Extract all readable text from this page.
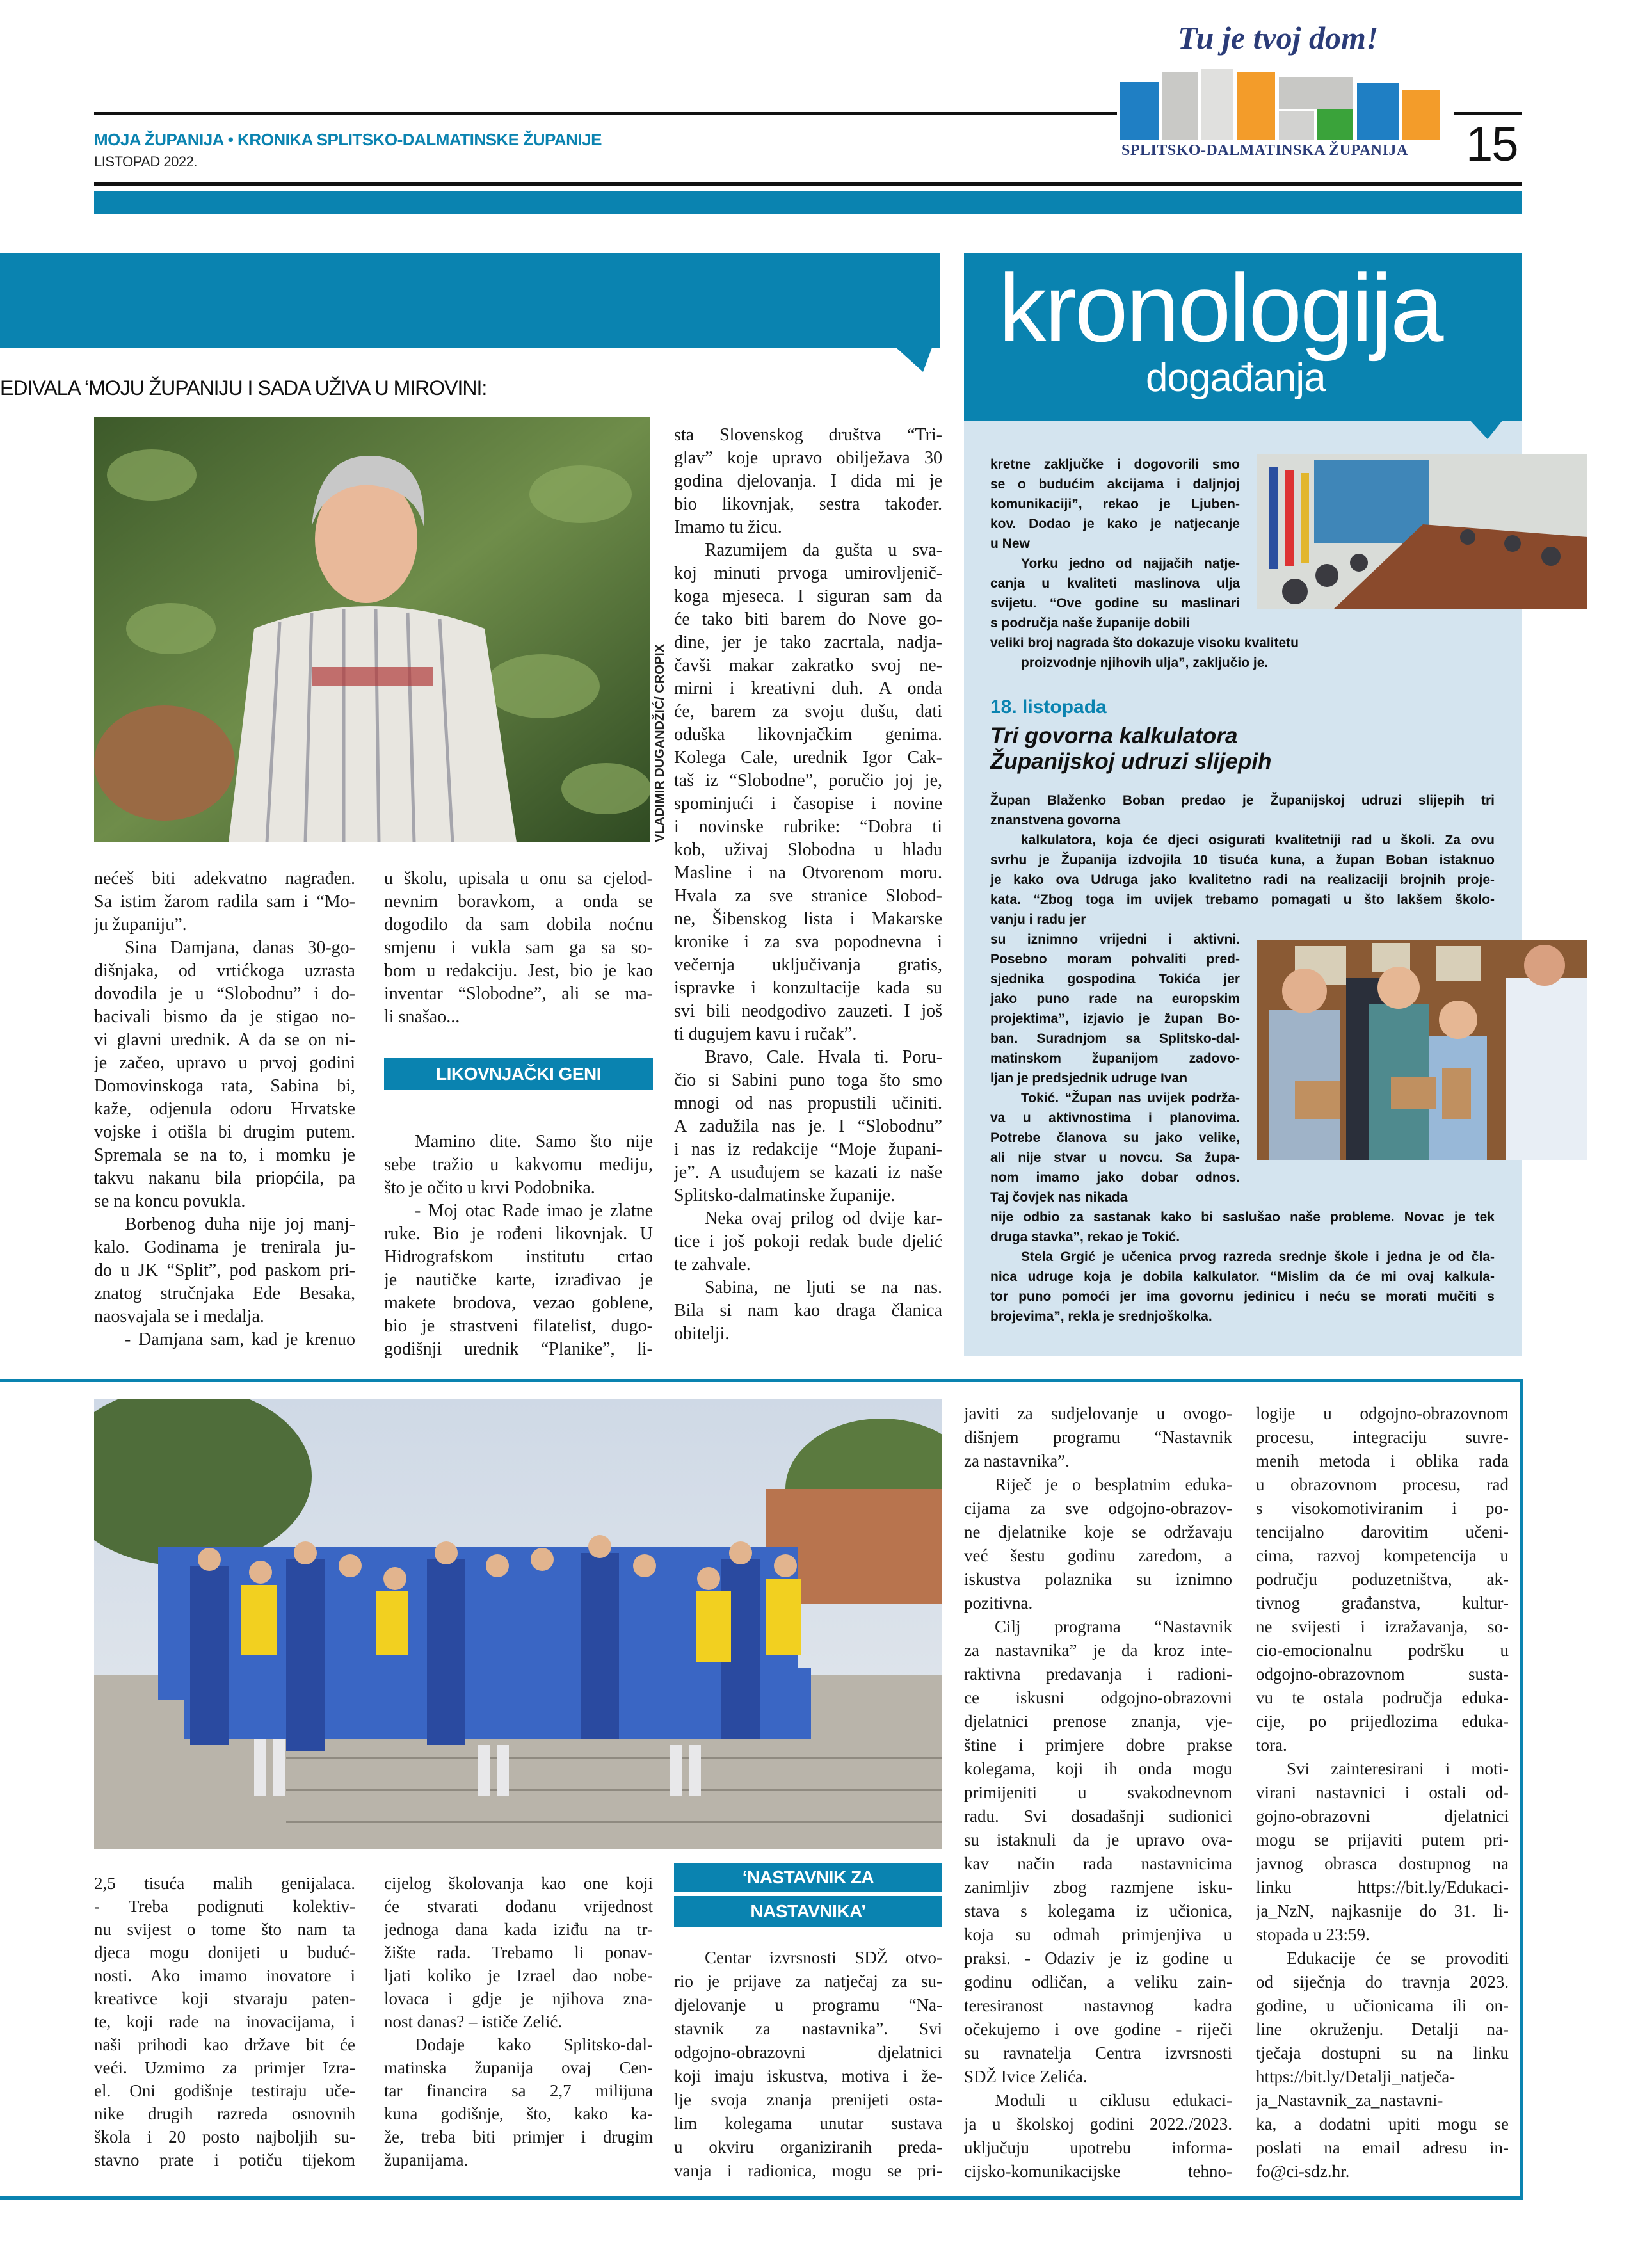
Tu je tvoj dom!
SPLITSKO-DALMATINSKA ŽUPANIJA
MOJA ŽUPANIJA • KRONIKA SPLITSKO-DALMATINSKE ŽUPANIJE
LISTOPAD 2022.	15
EDIVALA ‘MOJU ŽUPANIJU I SADA UŽIVA U MIROVINI:
VLADIMIR DUGANDŽIĆ/ CROPIX
nećeš biti adekvatno nagrađen.
Sa istim žarom radila sam i “Mo-
ju županiju”.
Sina Damjana, danas 30-go-
dišnjaka, od vrtićkoga uzrasta
dovodila je u “Slobodnu” i do-
bacivali bismo da je stigao no-
vi glavni urednik. A da se on ni-
je začeo, upravo u prvoj godini
Domovinskoga rata, Sabina bi,
kaže, odjenula odoru Hrvatske
vojske i otišla bi drugim putem.
Spremala se na to, i momku je
takvu nakanu bila priopćila, pa
se na koncu povukla.
Borbenog duha nije joj manj-
kalo. Godinama je trenirala ju-
do u JK “Split”, pod paskom pri-
znatog stručnjaka Ede Besaka,
naosvajala se i medalja.
- Damjana sam, kad je krenuo
u školu, upisala u onu sa cjelod-
nevnim boravkom, a onda se
dogodilo da sam dobila noćnu
smjenu i vukla sam ga sa so-
bom u redakciju. Jest, bio je kao
inventar “Slobodne”, ali se ma-
li snašao...
LIKOVNJAČKI GENI
Mamino dite. Samo što nije
sebe tražio u kakvomu mediju,
što je očito u krvi Podobnika.
- Moj otac Rade imao je zlatne
ruke. Bio je rođeni likovnjak. U
Hidrografskom institutu crtao
je nautičke karte, izrađivao je
makete brodova, vezao goblene,
bio je strastveni filatelist, dugo-
godišnji urednik “Planike”, li-
sta Slovenskog društva “Tri-
glav” koje upravo obilježava 30
godina djelovanja. I dida mi je
bio likovnjak, sestra također.
Imamo tu žicu.
Razumijem da gušta u sva-
koj minuti prvoga umirovljenič-
koga mjeseca. I siguran sam da
će tako biti barem do Nove go-
dine, jer je tako zacrtala, nadja-
čavši makar zakratko svoj ne-
mirni i kreativni duh. A onda
će, barem za svoju dušu, dati
oduška likovnjačkim genima.
Kolega Cale, urednik Igor Cak-
taš iz “Slobodne”, poručio joj je,
spominjući i časopise i novine
i novinske rubrike: “Dobra ti
kob, uživaj Slobodna u hladu
Masline i na Otvorenom moru.
Hvala za sve stranice Slobod-
ne, Šibenskog lista i Makarske
kronike i za sva popodnevna i
večernja uključivanja gratis,
ispravke i konzultacije kada su
svi bili neodgodivo zauzeti. I još
ti dugujem kavu i ručak”.
Bravo, Cale. Hvala ti. Poru-
čio si Sabini puno toga što smo
mnogi od nas propustili učiniti.
A zadužila nas je. I “Slobodnu”
i nas iz redakcije “Moje župani-
je”. A usuđujem se kazati iz naše
Splitsko-dalmatinske županije.
Neka ovaj prilog od dvije kar-
tice i još pokoji redak bude djelić
te zahvale.
Sabina, ne ljuti se na nas.
Bila si nam kao draga članica
obitelji.
kronologija
događanja
kretne zaključke i dogovorili smo
se o budućim akcijama i daljnjoj
komunikaciji”, rekao je Ljuben-
kov. Dodao je kako je natjecanje
u New
Yorku jedno od najjačih natje-
canja u kvaliteti maslinova ulja
svijetu. “Ove godine su maslinari
s područja naše županije dobili
veliki broj nagrada što dokazuje visoku kvalitetu
proizvodnje njihovih ulja”, zaključio je.
18. listopada
Tri govorna kalkulatora
Županijskoj udruzi slijepih
Župan Blaženko Boban predao je Županijskoj udruzi slijepih tri
znanstvena govorna
kalkulatora, koja će djeci osigurati kvalitetniji rad u školi. Za ovu
svrhu je Županija izdvojila 10 tisuća kuna, a župan Boban istaknuo
je kako ova Udruga jako kvalitetno radi na realizaciji brojnih proje-
kata. “Zbog toga im uvijek trebamo pomagati u što lakšem školo-
vanju i radu jer
su iznimno vrijedni i aktivni.
Posebno moram pohvaliti pred-
sjednika gospodina Tokića jer
jako puno rade na europskim
projektima”, izjavio je župan Bo-
ban. Suradnjom sa Splitsko-dal-
matinskom županijom zadovo-
ljan je predsjednik udruge Ivan
Tokić. “Župan nas uvijek podrža-
va u aktivnostima i planovima.
Potrebe članova su jako velike,
ali nije stvar u novcu. Sa župa-
nom imamo jako dobar odnos.
Taj čovjek nas nikada
nije odbio za sastanak kako bi saslušao naše probleme. Novac je tek
druga stavka”, rekao je Tokić.
Stela Grgić je učenica prvog razreda srednje škole i jedna je od čla-
nica udruge koja je dobila kalkulator. “Mislim da će mi ovaj kalkula-
tor puno pomoći jer ima govornu jedinicu i neću se morati mučiti s
brojevima”, rekla je srednjoškolka.
2,5 tisuća malih genijalaca.
- Treba podignuti kolektiv-
nu svijest o tome što nam ta
djeca mogu donijeti u buduć-
nosti. Ako imamo inovatore i
kreativce koji stvaraju paten-
te, koji rade na inovacijama, i
naši prihodi kao države bit će
veći. Uzmimo za primjer Izra-
el. Oni godišnje testiraju uče-
nike drugih razreda osnovnih
škola i 20 posto najboljih su-
stavno prate i potiču tijekom
cijelog školovanja kao one koji
će stvarati dodanu vrijednost
jednoga dana kada iziđu na tr-
žište rada. Trebamo li ponav-
ljati koliko je Izrael dao nobe-
lovaca i gdje je njihova zna-
nost danas? – ističe Zelić.
Dodaje kako Splitsko-dal-
matinska županija ovaj Cen-
tar financira sa 2,7 milijuna
kuna godišnje, što, kako ka-
že, treba biti primjer i drugim
županijama.
‘NASTAVNIK ZA
NASTAVNIKA’
Centar izvrsnosti SDŽ otvo-
rio je prijave za natječaj za su-
djelovanje u programu “Na-
stavnik za nastavnika”. Svi
odgojno-obrazovni djelatnici
koji imaju iskustva, motiva i že-
lje svoja znanja prenijeti osta-
lim kolegama unutar sustava
u okviru organiziranih preda-
vanja i radionica, mogu se pri-
javiti za sudjelovanje u ovogo-
dišnjem programu “Nastavnik
za nastavnika”.
Riječ je o besplatnim eduka-
cijama za sve odgojno-obrazov-
ne djelatnike koje se održavaju
već šestu godinu zaredom, a
iskustva polaznika su iznimno
pozitivna.
Cilj programa “Nastavnik
za nastavnika” je da kroz inte-
raktivna predavanja i radioni-
ce iskusni odgojno-obrazovni
djelatnici prenose znanja, vje-
štine i primjere dobre prakse
kolegama, koji ih onda mogu
primijeniti u svakodnevnom
radu. Svi dosadašnji sudionici
su istaknuli da je upravo ova-
kav način rada nastavnicima
zanimljiv zbog razmjene isku-
stava s kolegama iz učionica,
koja su odmah primjenjiva u
praksi. - Odaziv je iz godine u
godinu odličan, a veliku zain-
teresiranost nastavnog kadra
očekujemo i ove godine - riječi
su ravnatelja Centra izvrsnosti
SDŽ Ivice Zelića.
Moduli u ciklusu edukaci-
ja u školskoj godini 2022./2023.
uključuju upotrebu informa-
cijsko-komunikacijske tehno-
logije u odgojno-obrazovnom
procesu, integraciju suvre-
menih metoda i oblika rada
u obrazovnom procesu, rad
s visokomotiviranim i po-
tencijalno darovitim učeni-
cima, razvoj kompetencija u
području poduzetništva, ak-
tivnog građanstva, kultur-
ne svijesti i izražavanja, so-
cio-emocionalnu podršku u
odgojno-obrazovnom susta-
vu te ostala područja eduka-
cije, po prijedlozima eduka-
tora.
Svi zainteresirani i moti-
virani nastavnici i ostali od-
gojno-obrazovni djelatnici
mogu se prijaviti putem pri-
javnog obrasca dostupnog na
linku https://bit.ly/Edukaci-
ja_NzN, najkasnije do 31. li-
stopada u 23:59.
Edukacije će se provoditi
od siječnja do travnja 2023.
godine, u učionicama ili on-
line okruženju. Detalji na-
tječaja dostupni su na linku
https://bit.ly/Detalji_natječa-
ja_Nastavnik_za_nastavni-
ka, a dodatni upiti mogu se
poslati na email adresu in-
fo@ci-sdz.hr.
